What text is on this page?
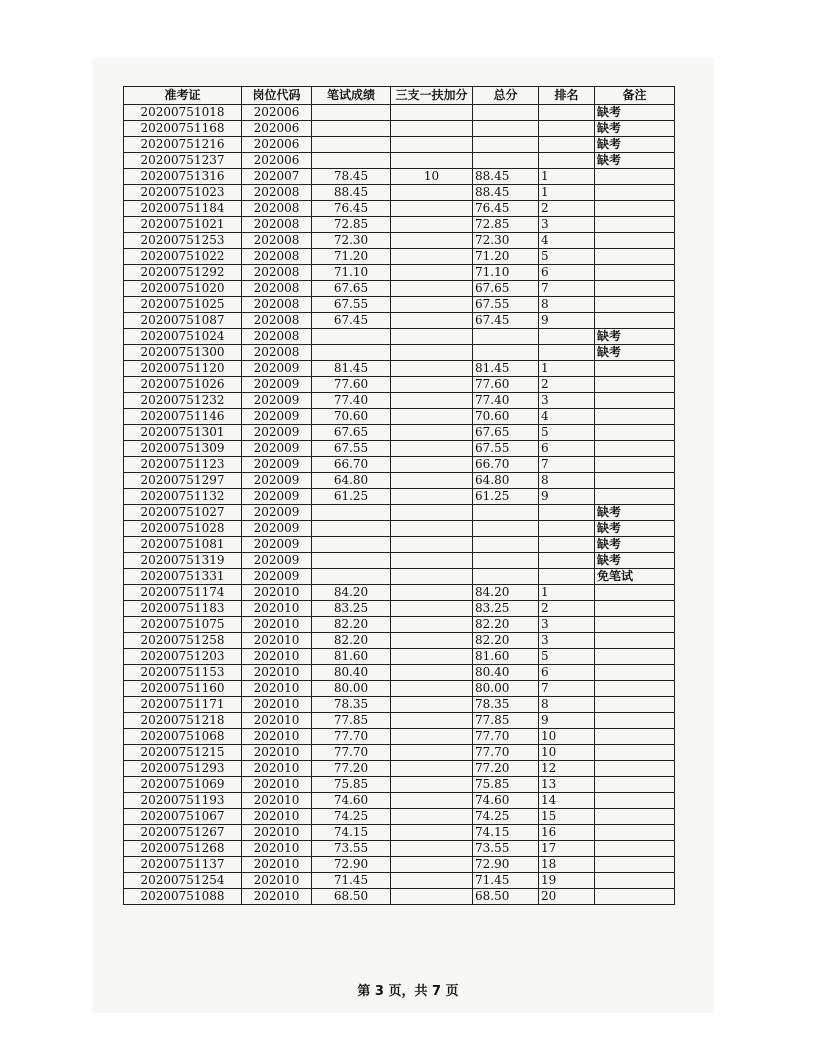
准考证	岗位代码	笔试成绩	三支一扶加分	总分	排名	备注
20200751018	202006					缺考
20200751168	202006					缺考
20200751216	202006					缺考
20200751237	202006					缺考
20200751316	202007	78.45	10	88.45	1	
20200751023	202008	88.45		88.45	1	
20200751184	202008	76.45		76.45	2	
20200751021	202008	72.85		72.85	3	
20200751253	202008	72.30		72.30	4	
20200751022	202008	71.20		71.20	5	
20200751292	202008	71.10		71.10	6	
20200751020	202008	67.65		67.65	7	
20200751025	202008	67.55		67.55	8	
20200751087	202008	67.45		67.45	9	
20200751024	202008					缺考
20200751300	202008					缺考
20200751120	202009	81.45		81.45	1	
20200751026	202009	77.60		77.60	2	
20200751232	202009	77.40		77.40	3	
20200751146	202009	70.60		70.60	4	
20200751301	202009	67.65		67.65	5	
20200751309	202009	67.55		67.55	6	
20200751123	202009	66.70		66.70	7	
20200751297	202009	64.80		64.80	8	
20200751132	202009	61.25		61.25	9	
20200751027	202009					缺考
20200751028	202009					缺考
20200751081	202009					缺考
20200751319	202009					缺考
20200751331	202009					免笔试
20200751174	202010	84.20		84.20	1	
20200751183	202010	83.25		83.25	2	
20200751075	202010	82.20		82.20	3	
20200751258	202010	82.20		82.20	3	
20200751203	202010	81.60		81.60	5	
20200751153	202010	80.40		80.40	6	
20200751160	202010	80.00		80.00	7	
20200751171	202010	78.35		78.35	8	
20200751218	202010	77.85		77.85	9	
20200751068	202010	77.70		77.70	10	
20200751215	202010	77.70		77.70	10	
20200751293	202010	77.20		77.20	12	
20200751069	202010	75.85		75.85	13	
20200751193	202010	74.60		74.60	14	
20200751067	202010	74.25		74.25	15	
20200751267	202010	74.15		74.15	16	
20200751268	202010	73.55		73.55	17	
20200751137	202010	72.90		72.90	18	
20200751254	202010	71.45		71.45	19	
20200751088	202010	68.50		68.50	20	
第 3 页，共 7 页
